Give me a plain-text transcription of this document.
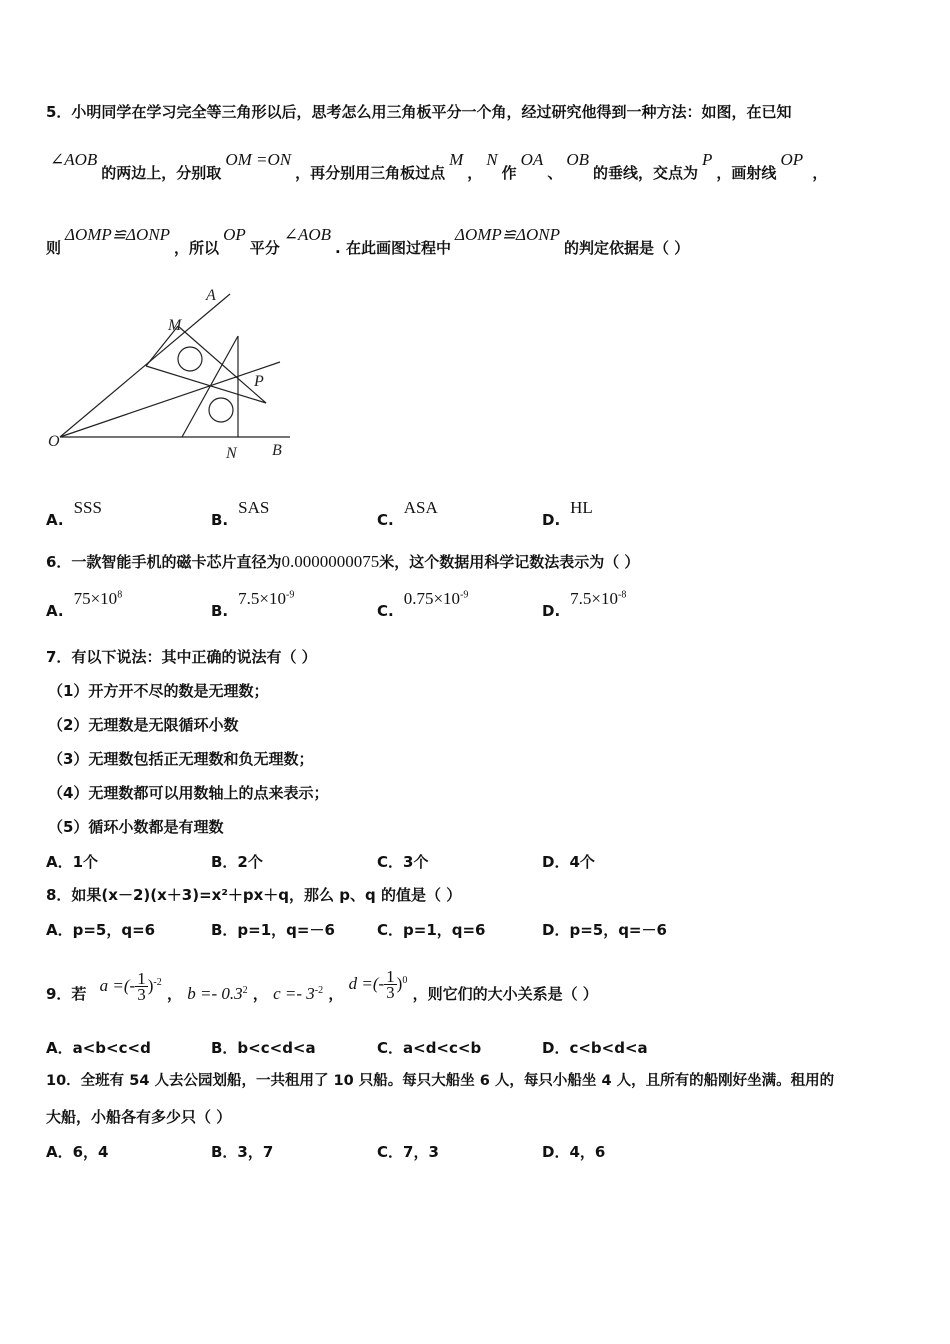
5．小明同学在学习完全等三角形以后，思考怎么用三角板平分一个角，经过研究他得到一种方法：如图，在已知
∠AOB的两边上，分别取OM =ON，再分别用三角板过点M，N作OA、OB的垂线，交点为P，画射线OP ，
则ΔOMP≌ΔONP，所以OP平分∠AOB. 在此画图过程中ΔOMP≌ΔONP的判定依据是（ ）
A
M
P
O
N B
A.SSS
B.SAS
C.ASA
D.HL
6．一款智能手机的磁卡芯片直径为0.0000000075米，这个数据用科学记数法表示为（ ）
$A.75\times 10^8$
$B.7.5\times 10^{-9}$
$C.0.75\times 10^{-9}$
$D.7.5\times 10^{-8}$
7．有以下说法：其中正确的说法有（ ）
（1）开方开不尽的数是无理数；
（2）无理数是无限循环小数
（3）无理数包括正无理数和负无理数；
（4）无理数都可以用数轴上的点来表示；
（5）循环小数都是有理数
A．1个	B．2个	C．3个	D．4个
8．如果(x－2)(x＋3)=x²＋px＋q，那么 p、q 的值是（ ）
A．p=5，q=6	B．p=1，q=－6	C．p=1，q=6	D．p=5，q=－6
9．若 a =(- $\frac{1}{3} )^{-2}$ ， $b =- 0.3^2$ ， $c =- 3^{-2}$ ， d =(- $\frac{1}{3} )^0$ ，则它们的大小关系是（ ）
A．a<b<c<d	B．b<c<d<a	C．a<d<c<b	D．c<b<d<a
10．全班有 54 人去公园划船，一共租用了 10 只船。每只大船坐 6 人，每只小船坐 4 人，且所有的船刚好坐满。租用的
大船，小船各有多少只（ ）
A．6，4	B．3，7	C．7，3	D．4，6
